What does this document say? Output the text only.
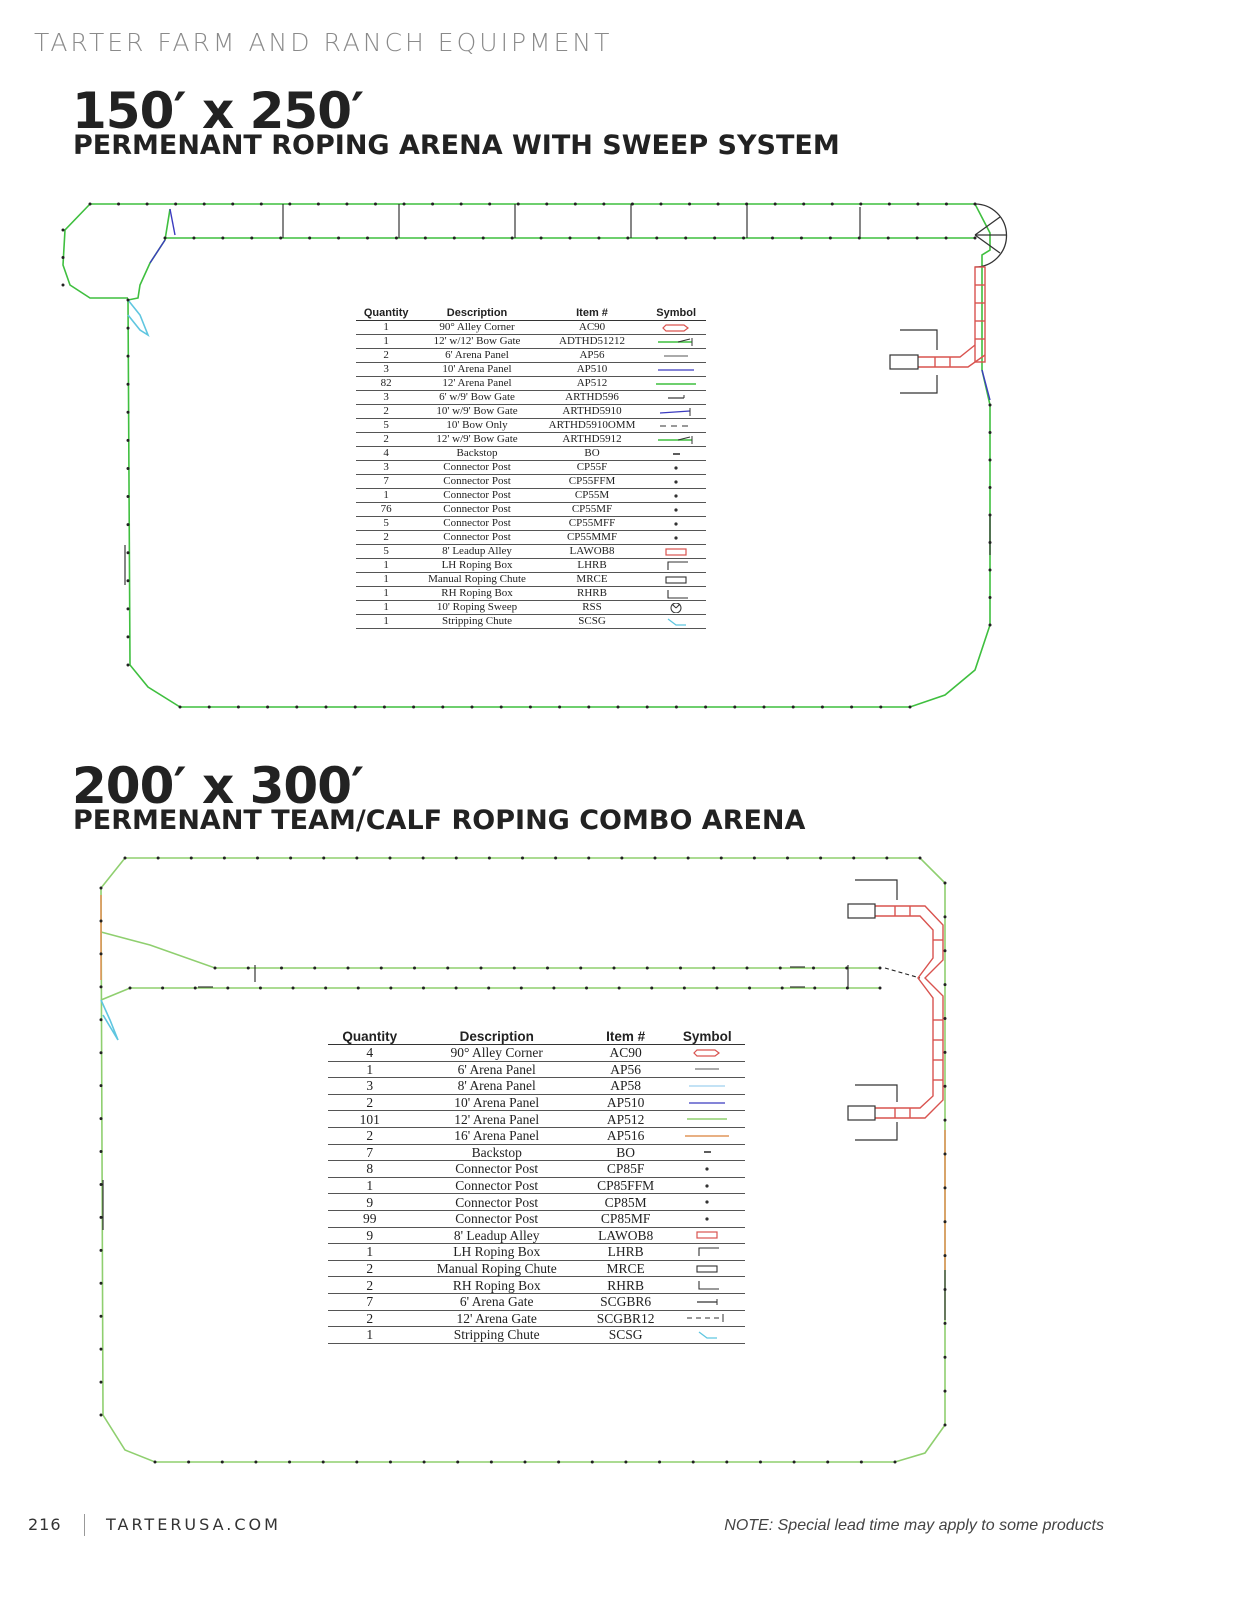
TARTER FARM AND RANCH EQUIPMENT
150′ x 250′
PERMENANT ROPING ARENA WITH SWEEP SYSTEM
Quantity	Description	Item #	Symbol
1	90° Alley Corner	AC90	

1	12' w/12' Bow Gate	ADTHD51212	

2	6' Arena Panel	AP56	

3	10' Arena Panel	AP510	

82	12' Arena Panel	AP512	

3	6' w/9' Bow Gate	ARTHD596	

2	10' w/9' Bow Gate	ARTHD5910	

5	10' Bow Only	ARTHD5910OMM	

2	12' w/9' Bow Gate	ARTHD5912	

4	Backstop	BO	

3	Connector Post	CP55F	

7	Connector Post	CP55FFM	

1	Connector Post	CP55M	

76	Connector Post	CP55MF	

5	Connector Post	CP55MFF	

2	Connector Post	CP55MMF	

5	8' Leadup Alley	LAWOB8	

1	LH Roping Box	LHRB	

1	Manual Roping Chute	MRCE	

1	RH Roping Box	RHRB	

1	10' Roping Sweep	RSS	

1	Stripping Chute	SCSG	
200′ x 300′
PERMENANT TEAM/CALF ROPING COMBO ARENA
Quantity	Description	Item #	Symbol
4	90° Alley Corner	AC90	

1	6' Arena Panel	AP56	

3	8' Arena Panel	AP58	

2	10' Arena Panel	AP510	

101	12' Arena Panel	AP512	

2	16' Arena Panel	AP516	

7	Backstop	BO	

8	Connector Post	CP85F	

1	Connector Post	CP85FFM	

9	Connector Post	CP85M	

99	Connector Post	CP85MF	

9	8' Leadup Alley	LAWOB8	

1	LH Roping Box	LHRB	

2	Manual Roping Chute	MRCE	

2	RH Roping Box	RHRB	

7	6' Arena Gate	SCGBR6	

2	12' Arena Gate	SCGBR12	

1	Stripping Chute	SCSG	
216	TARTERUSA.COM	NOTE: Special lead time may apply to some products
